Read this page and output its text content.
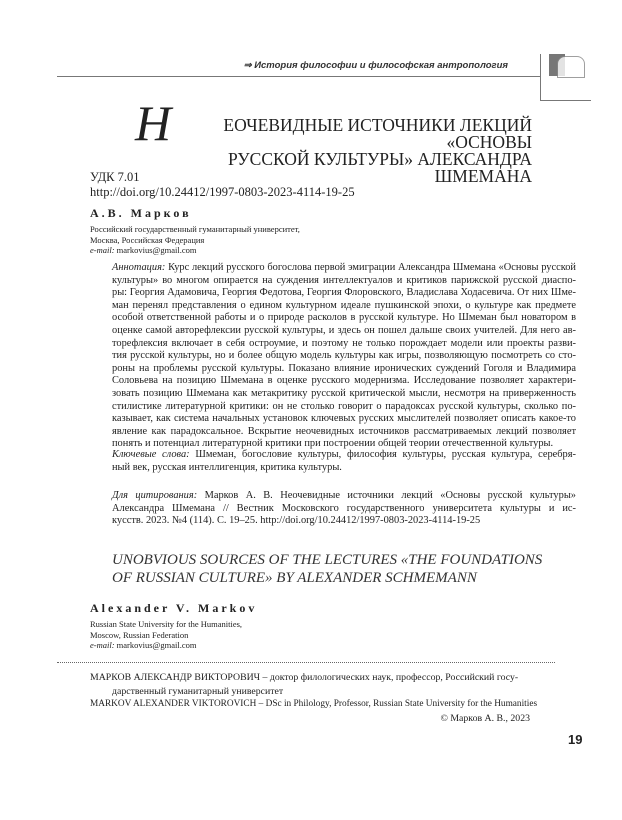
⇒ История философии и философская антропология
Н	ЕОЧЕВИДНЫЕ ИСТОЧНИКИ ЛЕКЦИЙ «ОСНОВЫ
РУССКОЙ КУЛЬТУРЫ» АЛЕКСАНДРА ШМЕМАНА
УДК 7.01
http://doi.org/10.24412/1997-0803-2023-4114-19-25
А.В. Марков
Российский государственный гуманитарный университет,
Москва, Российская Федерация
e-mail: markovius@gmail.com
Аннотация: Курс лекций русского богослова первой эмиграции Александра Шмемана «Основы русской
культуры» во многом опирается на суждения интеллектуалов и критиков парижской русской диаспо-
ры: Георгия Адамовича, Георгия Федотова, Георгия Флоровского, Владислава Ходасевича. От них Шме-
ман перенял представления о едином культурном идеале пушкинской эпохи, о культуре как предмете
особой ответственной работы и о природе расколов в русской культуре. Но Шмеман был новатором в
оценке самой авторефлексии русской культуры, и здесь он пошел дальше своих учителей. Для него ав-
торефлексия включает в себя остроумие, и поэтому не только порождает модели или проекты разви-
тия русской культуры, но и более общую модель культуры как игры, позволяющую посмотреть со сто-
роны на проблемы русской культуры. Показано влияние иронических суждений Гоголя и Владимира
Соловьева на позицию Шмемана в оценке русского модернизма. Исследование позволяет характери-
зовать позицию Шмемана как метакритику русской критической мысли, несмотря на приверженность
стилистике литературной критики: он не столько говорит о парадоксах русской культуры, сколько по-
казывает, как система начальных установок ключевых русских мыслителей позволяет описать какое-то
явление как парадоксальное. Вскрытие неочевидных источников рассматриваемых лекций позволяет
понять и потенциал литературной критики при построении общей теории отечественной культуры.
Ключевые слова: Шмеман, богословие культуры, философия культуры, русская культура, серебря-
ный век, русская интеллигенция, критика культуры.
Для цитирования: Марков А. В. Неочевидные источники лекций «Основы русской культуры»
Александра Шмемана // Вестник Московского государственного университета культуры и ис-
кусств. 2023. №4 (114). С. 19–25. http://doi.org/10.24412/1997-0803-2023-4114-19-25
UNOBVIOUS SOURCES OF THE LECTURES «THE FOUNDATIONS
OF RUSSIAN CULTURE» BY ALEXANDER SCHMEMANN
Alexander V. Markov
Russian State University for the Humanities,
Moscow, Russian Federation
e-mail: markovius@gmail.com
МАРКОВ АЛЕКСАНДР ВИКТОРОВИЧ – доктор филологических наук, профессор, Российский госу-
дарственный гуманитарный университет
MARKOV ALEXANDER VIKTOROVICH – DSc in Philology, Professor, Russian State University for the Humanities
© Марков А. В., 2023
19
